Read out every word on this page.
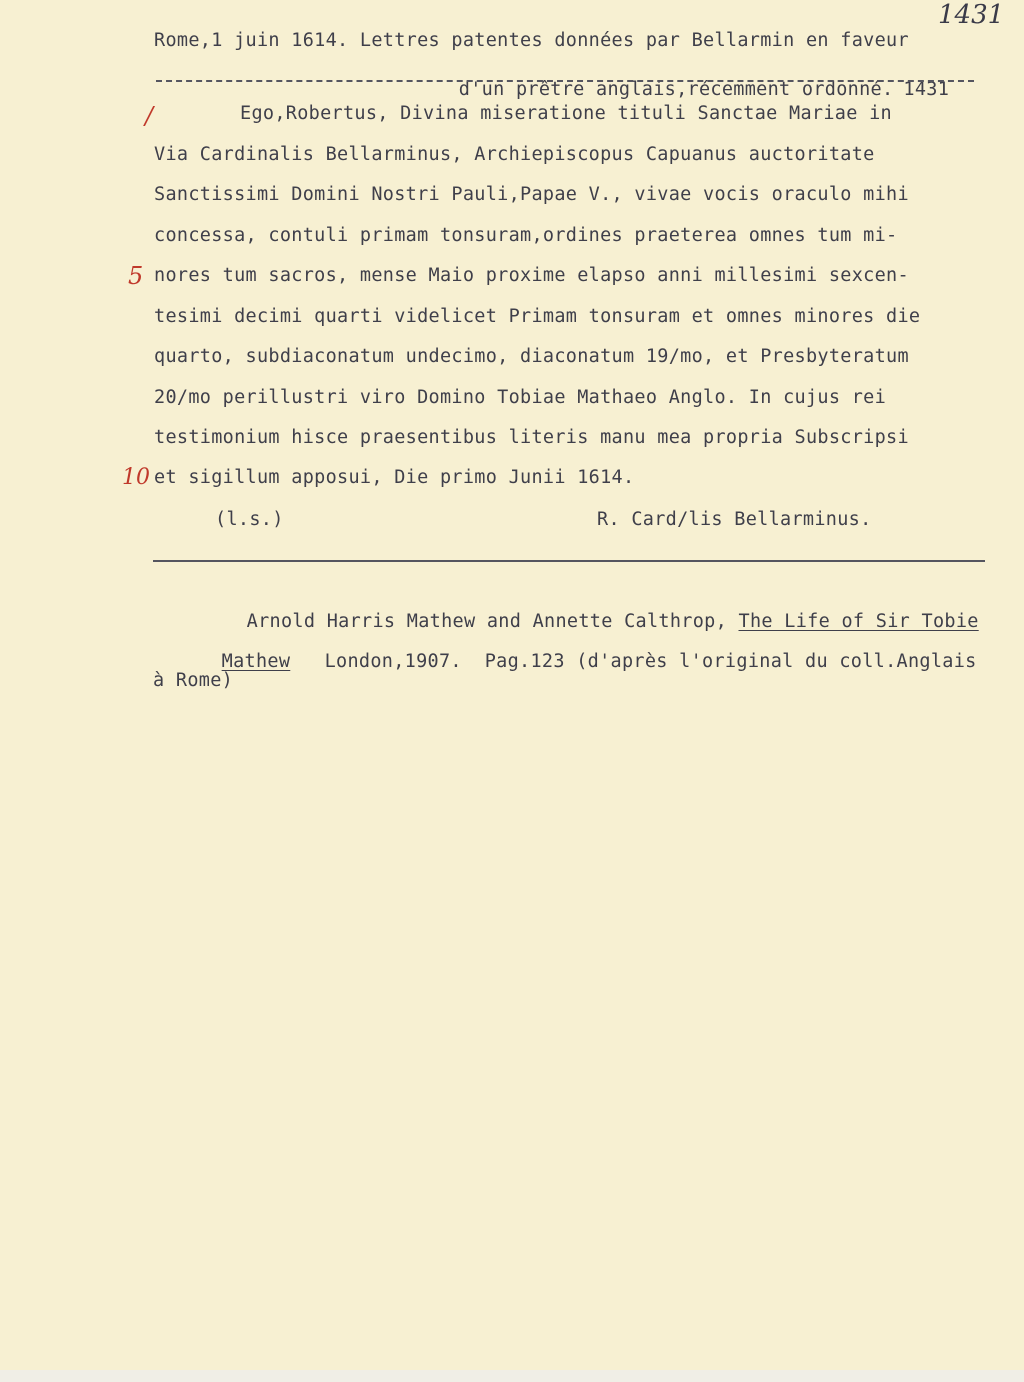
1431
Rome,1 juin 1614. Lettres patentes données par Bellarmin en faveur

d'un prêtre anglais,récemment ordonné. 1431

/
5
10
Ego,Robertus, Divina miseratione tituli Sanctae Mariae in
Via Cardinalis Bellarminus, Archiepiscopus Capuanus auctoritate
Sanctissimi Domini Nostri Pauli,Papae V., vivae vocis oraculo mihi
concessa, contuli primam tonsuram,ordines praeterea omnes tum mi-
nores tum sacros, mense Maio proxime elapso anni millesimi sexcen-
tesimi decimi quarti videlicet Primam tonsuram et omnes minores die
quarto, subdiaconatum undecimo, diaconatum 19/mo, et Presbyteratum
20/mo perillustri viro Domino Tobiae Mathaeo Anglo. In cujus rei
testimonium hisce praesentibus literis manu mea propria Subscripsi
et sigillum apposui, Die primo Junii 1614.
(l.s.)	R. Card/lis Bellarminus.

Arnold Harris Mathew and Annette Calthrop, The Life of Sir Tobie

Mathew London,1907.  Pag.123 (d'après l'original du coll.Anglais

à Rome)
